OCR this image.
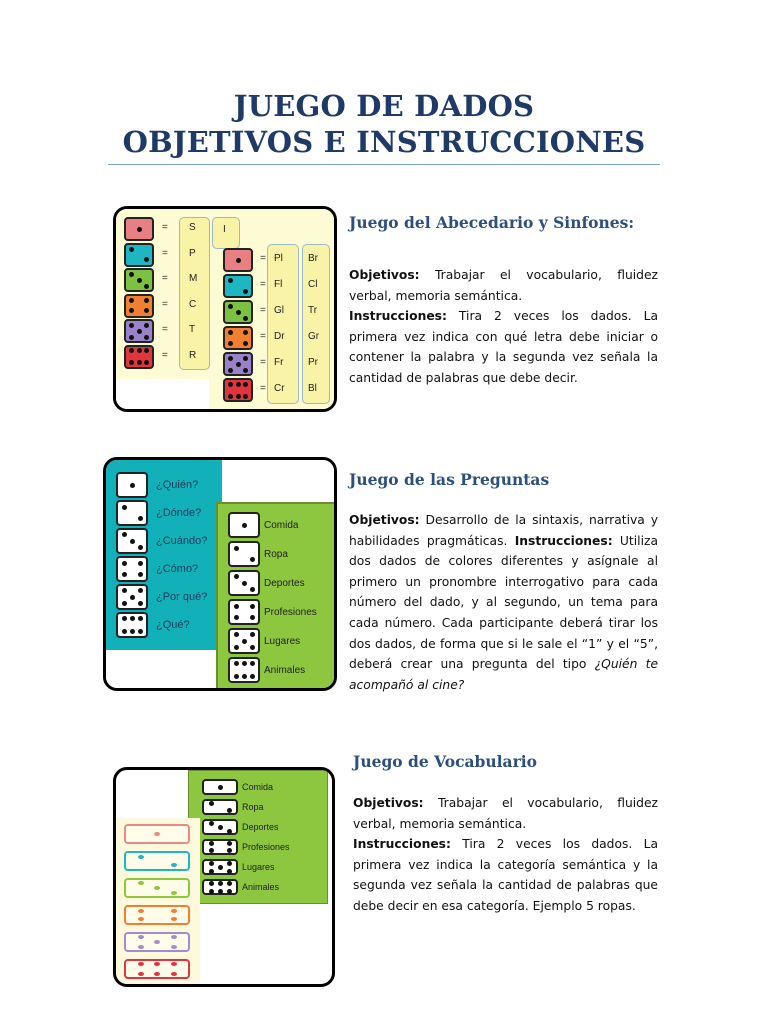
JUEGO DE DADOS
OBJETIVOS E INSTRUCCIONES
I
= S
= P
= M
= C
= T
= R
= Pl	Br
= Fl	Cl
= Gl Tr
= Dr Gr
= Fr Pr
= Cr Bl
Juego del Abecedario y Sinfones:
Objetivos: Trabajar el vocabulario, fluidez verbal, memoria semántica.
Instrucciones: Tira 2 veces los dados. La primera vez indica con qué letra debe iniciar o contener la palabra y la segunda vez señala la cantidad de palabras que debe decir.
¿Quién?
¿Dónde?
¿Cuándo?
¿Cómo?
¿Por qué?
¿Qué?
Comida
Ropa
Deportes
Profesiones
Lugares
Animales
Juego de las Preguntas
Objetivos: Desarrollo de la sintaxis, narrativa y habilidades pragmáticas. Instrucciones: Utiliza dos dados de colores diferentes y asígnale al primero un pronombre interrogativo para cada número del dado, y al segundo, un tema para cada número. Cada participante deberá tirar los dos dados, de forma que si le sale el “1” y el “5”, deberá crear una pregunta del tipo ¿Quién te acompañó al cine?
Comida
Ropa
Deportes
Profesiones
Lugares
Animales
Juego de Vocabulario
Objetivos: Trabajar el vocabulario, fluidez verbal, memoria semántica.
Instrucciones: Tira 2 veces los dados. La primera vez indica la categoría semántica y la segunda vez señala la cantidad de palabras que debe decir en esa categoría. Ejemplo 5 ropas.
